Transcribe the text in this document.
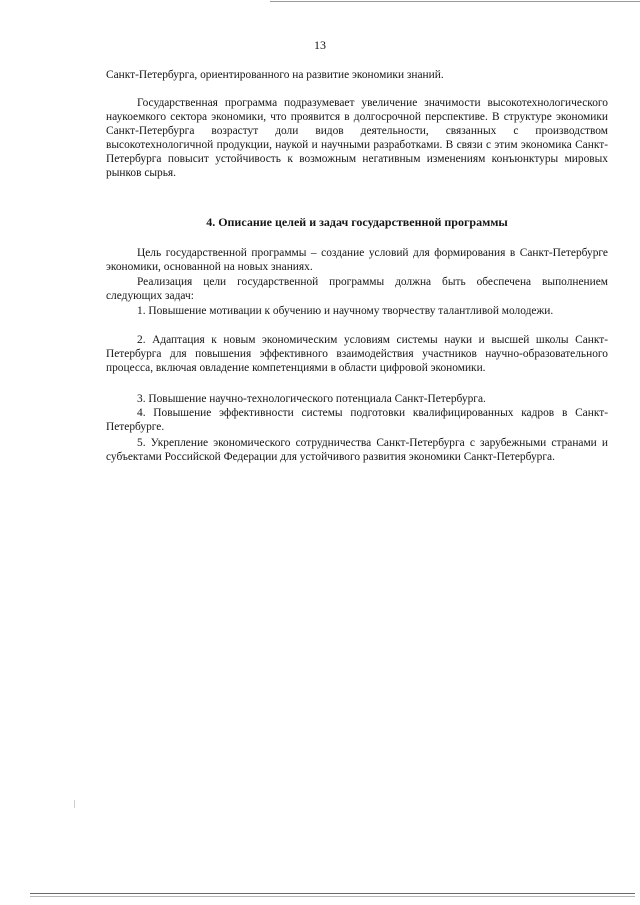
13

Санкт-Петербурга, ориентированного на развитие экономики знаний.

Государственная программа подразумевает увеличение значимости высокотехнологического наукоемкого сектора экономики, что проявится в долгосрочной перспективе. В структуре экономики Санкт-Петербурга возрастут доли видов деятельности, связанных с производством высокотехнологичной продукции, наукой и научными разработками. В связи с этим экономика Санкт-Петербурга повысит устойчивость к возможным негативным изменениям конъюнктуры мировых рынков сырья.

4. Описание целей и задач государственной программы

Цель государственной программы – создание условий для формирования в Санкт-Петербурге экономики, основанной на новых знаниях.

Реализация цели государственной программы должна быть обеспечена выполнением следующих задач:

1. Повышение мотивации к обучению и научному творчеству талантливой молодежи.

2. Адаптация к новым экономическим условиям системы науки и высшей школы Санкт-Петербурга для повышения эффективного взаимодействия участников научно-образовательного процесса, включая овладение компетенциями в области цифровой экономики.

3. Повышение научно-технологического потенциала Санкт-Петербурга.

4. Повышение эффективности системы подготовки квалифицированных кадров в Санкт-Петербурге.

5. Укрепление экономического сотрудничества Санкт-Петербурга с зарубежными странами и субъектами Российской Федерации для устойчивого развития экономики Санкт-Петербурга.
